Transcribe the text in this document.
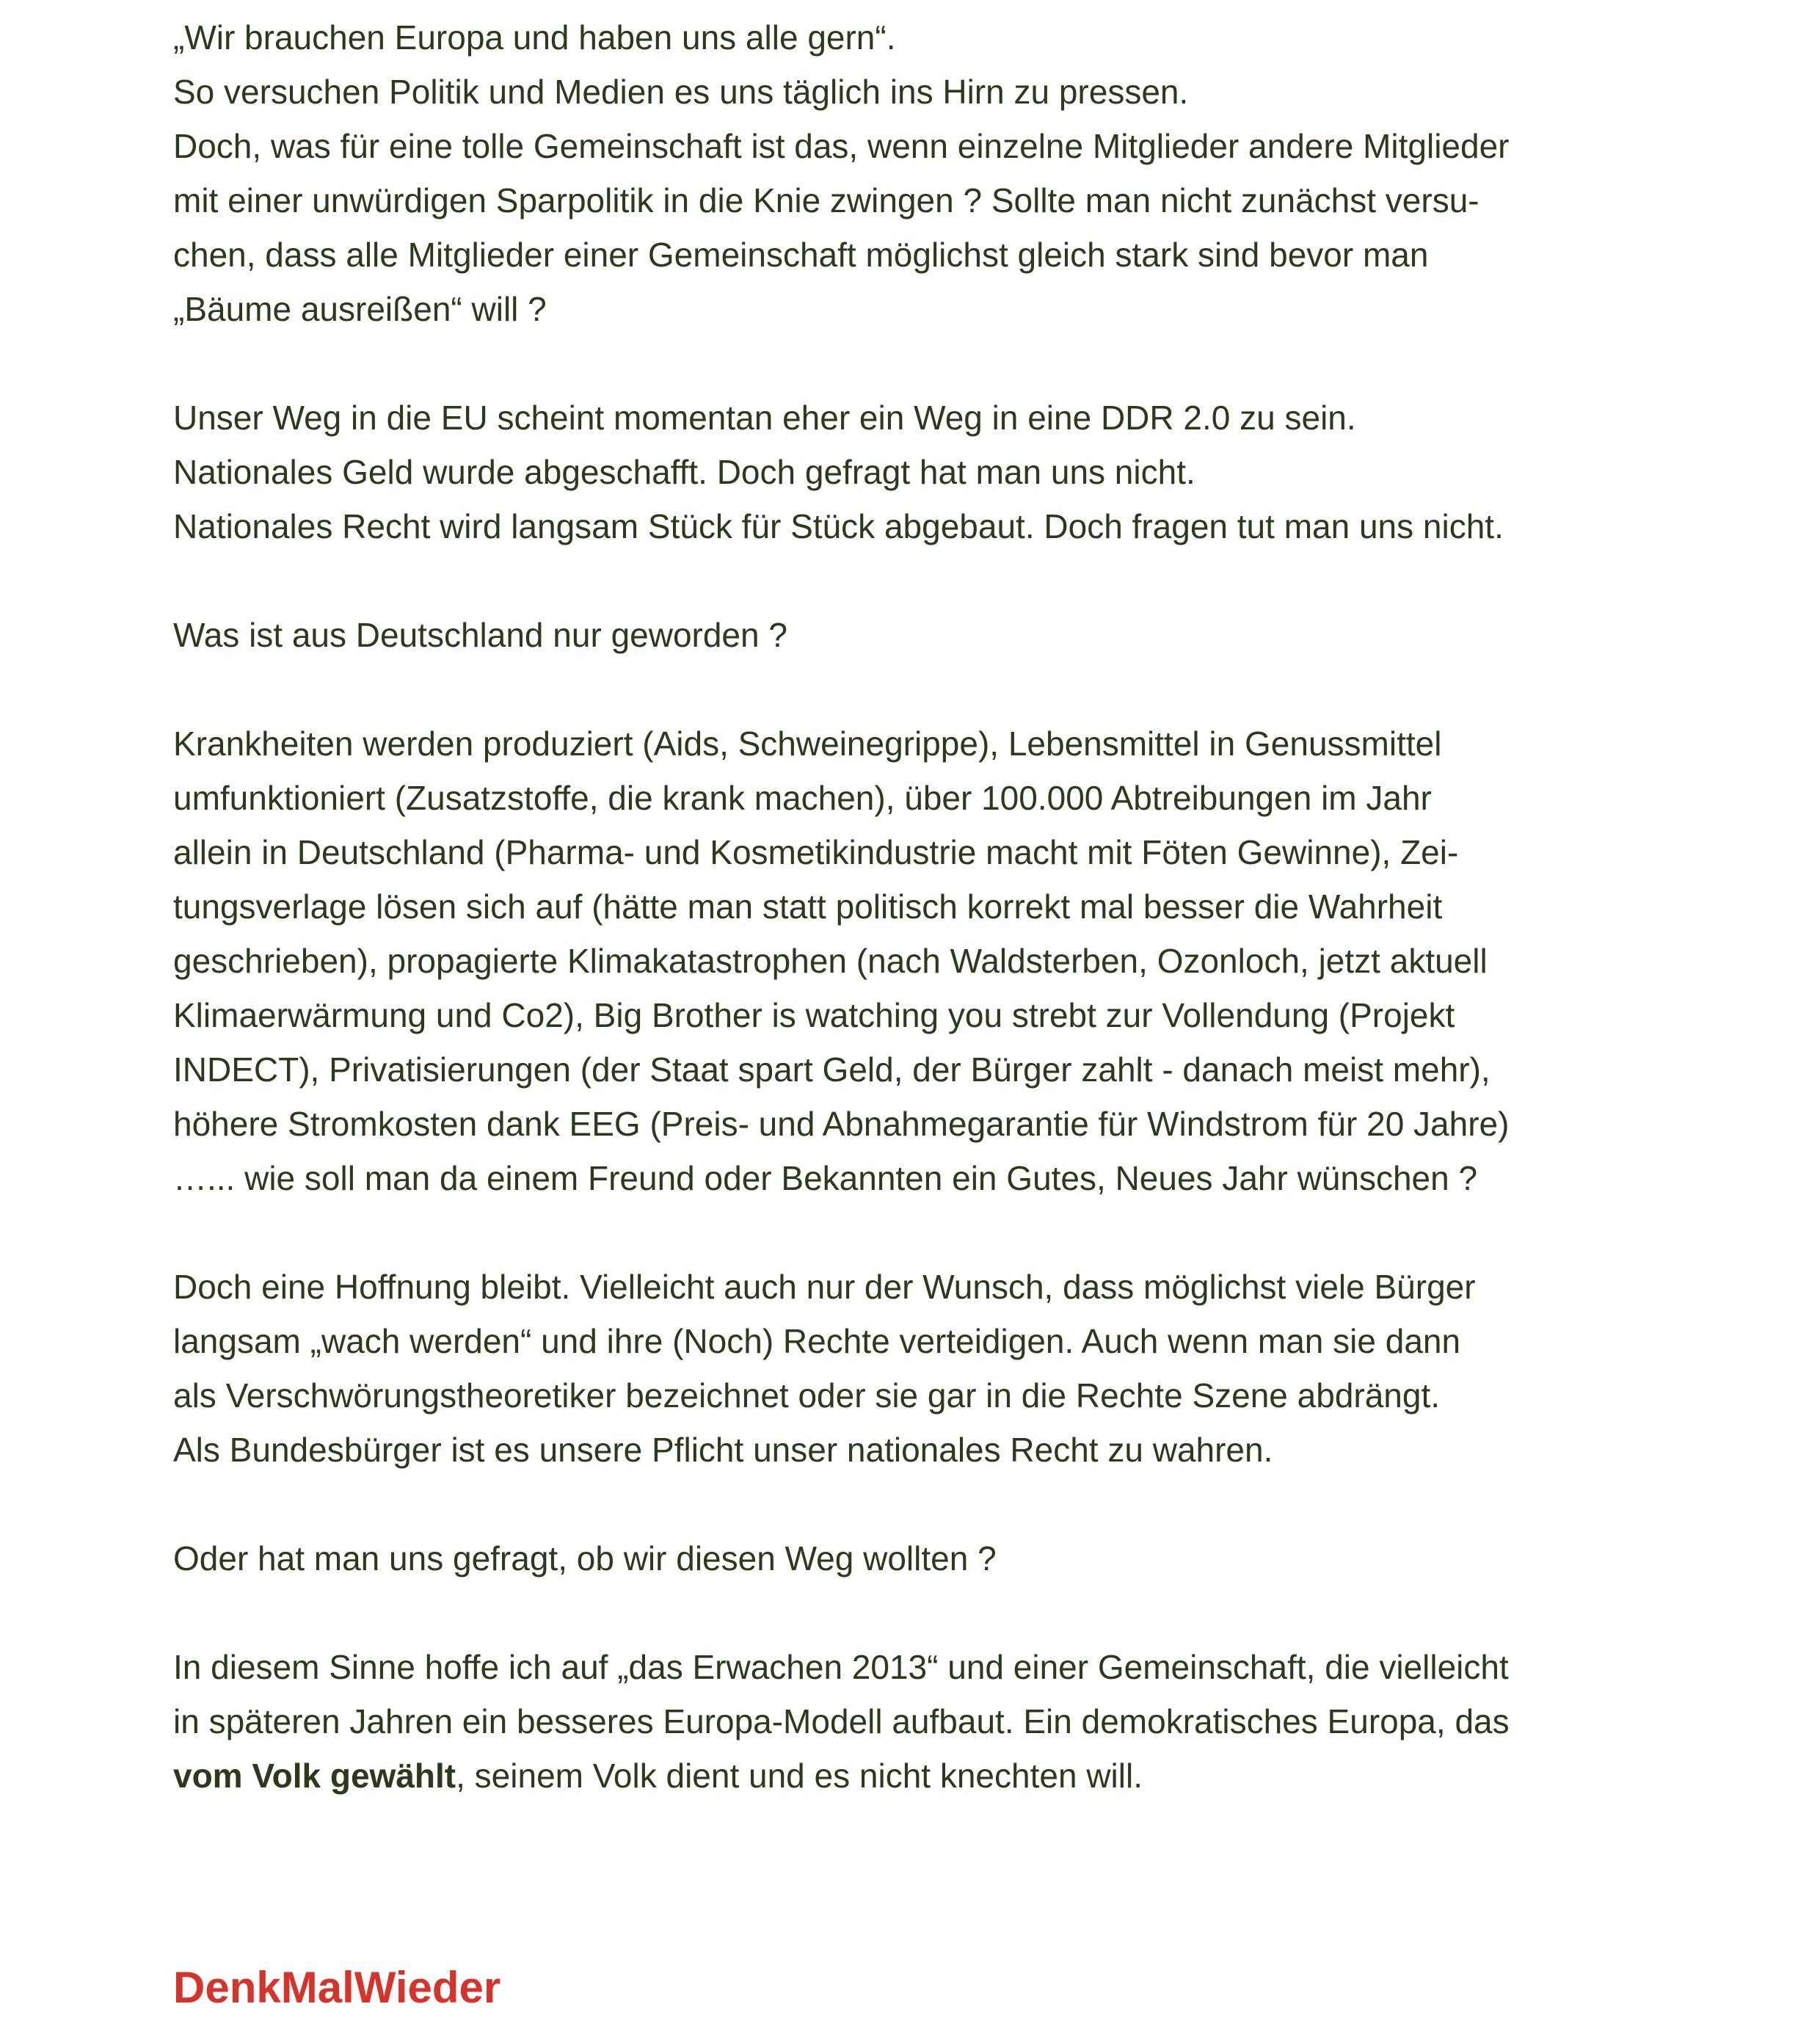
„Wir brauchen Europa und haben uns alle gern“.
So versuchen Politik und Medien es uns täglich ins Hirn zu pressen.
Doch, was für eine tolle Gemeinschaft ist das, wenn einzelne Mitglieder andere Mitglieder
mit einer unwürdigen Sparpolitik in die Knie zwingen ? Sollte man nicht zunächst versu-
chen, dass alle Mitglieder einer Gemeinschaft möglichst gleich stark sind bevor man
„Bäume ausreißen“ will ?
Unser Weg in die EU scheint momentan eher ein Weg in eine DDR 2.0 zu sein.
Nationales Geld wurde abgeschafft. Doch gefragt hat man uns nicht.
Nationales Recht wird langsam Stück für Stück abgebaut. Doch fragen tut man uns nicht.
Was ist aus Deutschland nur geworden ?
Krankheiten werden produziert (Aids, Schweinegrippe), Lebensmittel in Genussmittel
umfunktioniert (Zusatzstoffe, die krank machen), über 100.000 Abtreibungen im Jahr
allein in Deutschland (Pharma- und Kosmetikindustrie macht mit Föten Gewinne), Zei-
tungsverlage lösen sich auf (hätte man statt politisch korrekt mal besser die Wahrheit
geschrieben), propagierte Klimakatastrophen (nach Waldsterben, Ozonloch, jetzt aktuell
Klimaerwärmung und Co2), Big Brother is watching you strebt zur Vollendung (Projekt
INDECT), Privatisierungen (der Staat spart Geld, der Bürger zahlt - danach meist mehr),
höhere Stromkosten dank EEG (Preis- und Abnahmegarantie für Windstrom für 20 Jahre)
…... wie soll man da einem Freund oder Bekannten ein Gutes, Neues Jahr wünschen ?
Doch eine Hoffnung bleibt. Vielleicht auch nur der Wunsch, dass möglichst viele Bürger
langsam „wach werden“ und ihre (Noch) Rechte verteidigen. Auch wenn man sie dann
als Verschwörungstheoretiker bezeichnet oder sie gar in die Rechte Szene abdrängt.
Als Bundesbürger ist es unsere Pflicht unser nationales Recht zu wahren.
Oder hat man uns gefragt, ob wir diesen Weg wollten ?
In diesem Sinne hoffe ich auf „das Erwachen 2013“ und einer Gemeinschaft, die vielleicht
in späteren Jahren ein besseres Europa-Modell aufbaut. Ein demokratisches Europa, das
vom Volk gewählt, seinem Volk dient und es nicht knechten will.
DenkMalWieder
